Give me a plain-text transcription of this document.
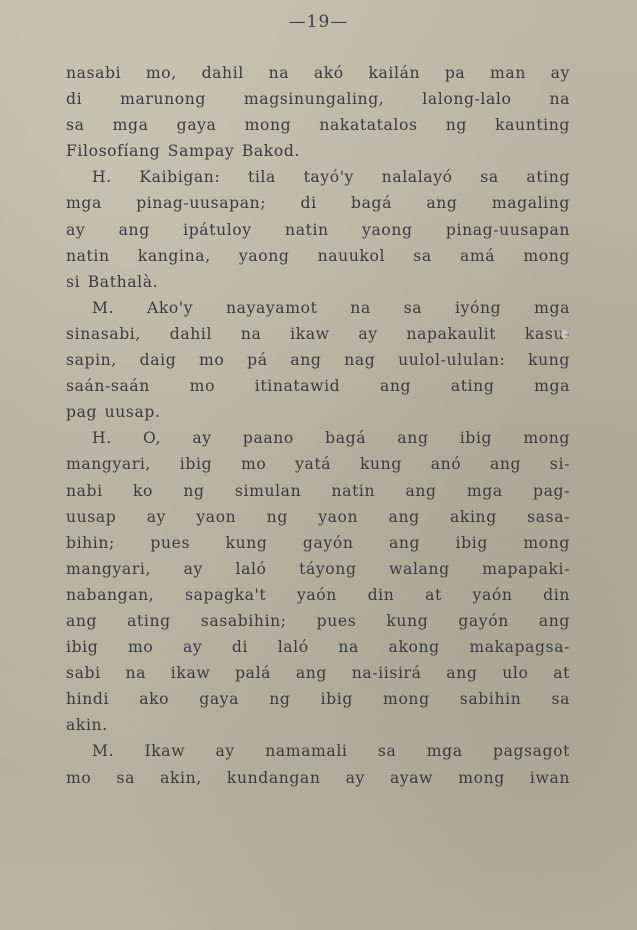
—19—
nasabi mo, dahil na akó kailán pa man ay
di marunong magsinungaling, lalong-lalo na
sa mga gaya mong nakatatalos ng kaunting
Filosofíang Sampay Bakod.
H. Kaibigan: tila tayó'y nalalayó sa ating
mga pinag-uusapan; di bagá ang magaling
ay ang ipátuloy natin yaong pinag-uusapan
natin kangina, yaong nauukol sa amá mong
si Bathalà.
M. Ako'y nayayamot na sa iyóng mga
sinasabi, dahil na ikaw ay napakaulit kasu-
sapin, daig mo pá ang nag uulol-ululan: kung
saán-saán mo itinatawid ang ating mga
pag uusap.
H. O, ay paano bagá ang ibig mong
mangyari, ibig mo yatá kung anó ang si-
nabi ko ng simulan natin ang mga pag-
uusap ay yaon ng yaon ang aking sasa-
bihin; pues kung gayón ang ibig mong
mangyari, ay laló táyong walang mapapaki-
nabangan, sapagka't yaón din at yaón din
ang ating sasabihin; pues kung gayón ang
ibig mo ay di laló na akong makapagsa-
sabi na ikaw palá ang na-iisirá ang ulo at
hindi ako gaya ng ibig mong sabihin sa
akin.
M. Ikaw ay namamali sa mga pagsagot
mo sa akin, kundangan ay ayaw mong iwan
